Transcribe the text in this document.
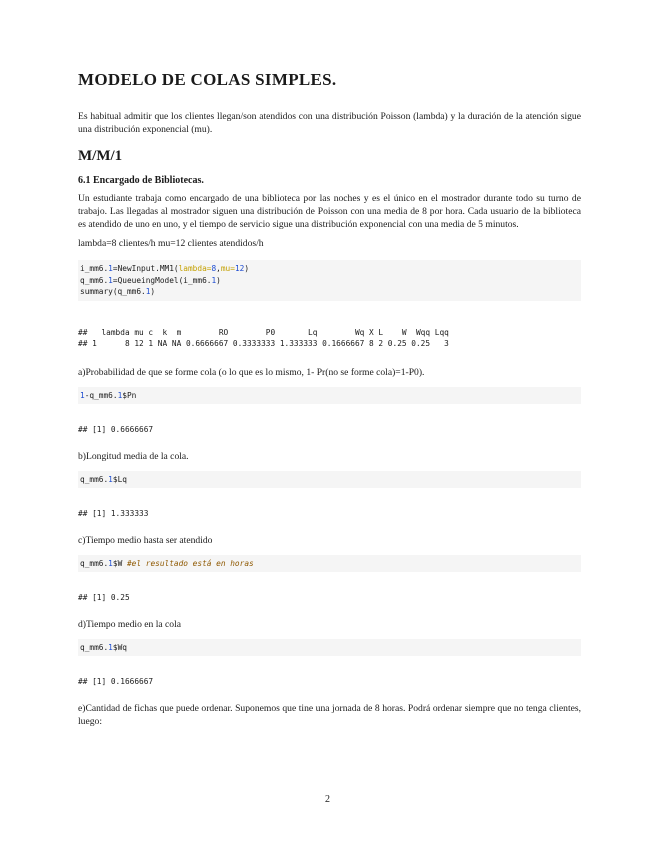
MODELO DE COLAS SIMPLES.

Es habitual admitir que los clientes llegan/son atendidos con una distribución Poisson (lambda) y la duración de la atención sigue una distribución exponencial (mu).

M/M/1
6.1 Encargado de Bibliotecas.

Un estudiante trabaja como encargado de una biblioteca por las noches y es el único en el mostrador durante todo su turno de trabajo. Las llegadas al mostrador siguen una distribución de Poisson con una media de 8 por hora. Cada usuario de la biblioteca es atendido de uno en uno, y el tiempo de servicio sigue una distribución exponencial con una media de 5 minutos.

lambda=8 clientes/h mu=12 clientes atendidos/h

i_mm6.1=NewInput.MM1(lambda=8,mu=12)
q_mm6.1=QueueingModel(i_mm6.1)
summary(q_mm6.1)
##   lambda mu c  k  m        RO        P0       Lq        Wq X L    W  Wqq Lqq
## 1      8 12 1 NA NA 0.6666667 0.3333333 1.333333 0.1666667 8 2 0.25 0.25   3

a)Probabilidad de que se forme cola (o lo que es lo mismo, 1- Pr(no se forme cola)=1-P0).

1-q_mm6.1$Pn
## [1] 0.6666667

b)Longitud media de la cola.

q_mm6.1$Lq
## [1] 1.333333

c)Tiempo medio hasta ser atendido

q_mm6.1$W #el resultado está en horas
## [1] 0.25

d)Tiempo medio en la cola

q_mm6.1$Wq
## [1] 0.1666667

e)Cantidad de fichas que puede ordenar. Suponemos que tine una jornada de 8 horas. Podrá ordenar siempre que no tenga clientes, luego:

2
